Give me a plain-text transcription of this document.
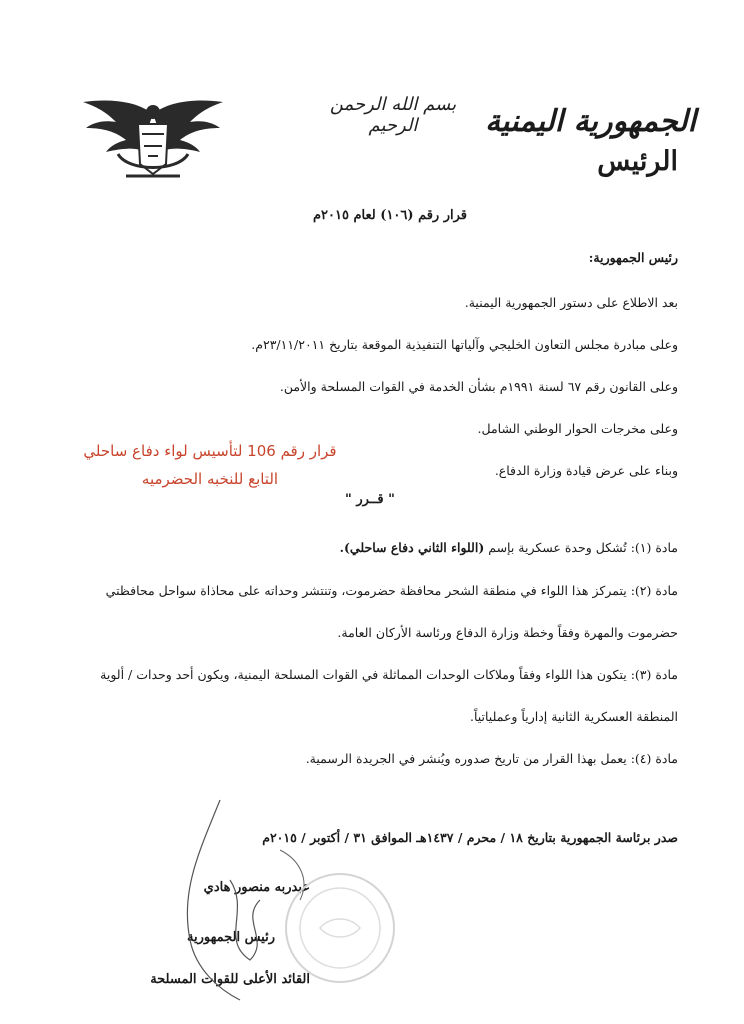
بسم الله الرحمن الرحيم	الجمهورية اليمنية
الرئيس
قرار رقم (١٠٦) لعام ٢٠١٥م
رئيس الجمهورية:
بعد الاطلاع على دستور الجمهورية اليمنية.
وعلى مبادرة مجلس التعاون الخليجي وآلياتها التنفيذية الموقعة بتاريخ ٢٣/١١/٢٠١١م.
وعلى القانون رقم ٦٧ لسنة ١٩٩١م بشأن الخدمة في القوات المسلحة والأمن.
وعلى مخرجات الحوار الوطني الشامل.
وبناء على عرض قيادة وزارة الدفاع.
قرار رقم 106 لتأسيس لواء دفاع ساحلي
التابع للنخبه الحضرميه
" قــرر "
مادة (١): تُشكل وحدة عسكرية بإسم (اللواء الثاني دفاع ساحلي).
مادة (٢): يتمركز هذا اللواء في منطقة الشحر محافظة حضرموت، وتنتشر وحداته على محاذاة سواحل محافظتي
حضرموت والمهرة وفقاً وخطة وزارة الدفاع ورئاسة الأركان العامة.
مادة (٣): يتكون هذا اللواء وفقاً وملاكات الوحدات المماثلة في القوات المسلحة اليمنية، ويكون أحد وحدات / ألوية
المنطقة العسكرية الثانية إدارياً وعملياتياً.
مادة (٤): يعمل بهذا القرار من تاريخ صدوره ويُنشر في الجريدة الرسمية.
صدر برئاسة الجمهورية بتاريخ ١٨ / محرم / ١٤٣٧هـ الموافق ٣١ / أكتوبر / ٢٠١٥م
عبدربه منصور هادي
رئيس الجمهورية
القائد الأعلى للقوات المسلحة
